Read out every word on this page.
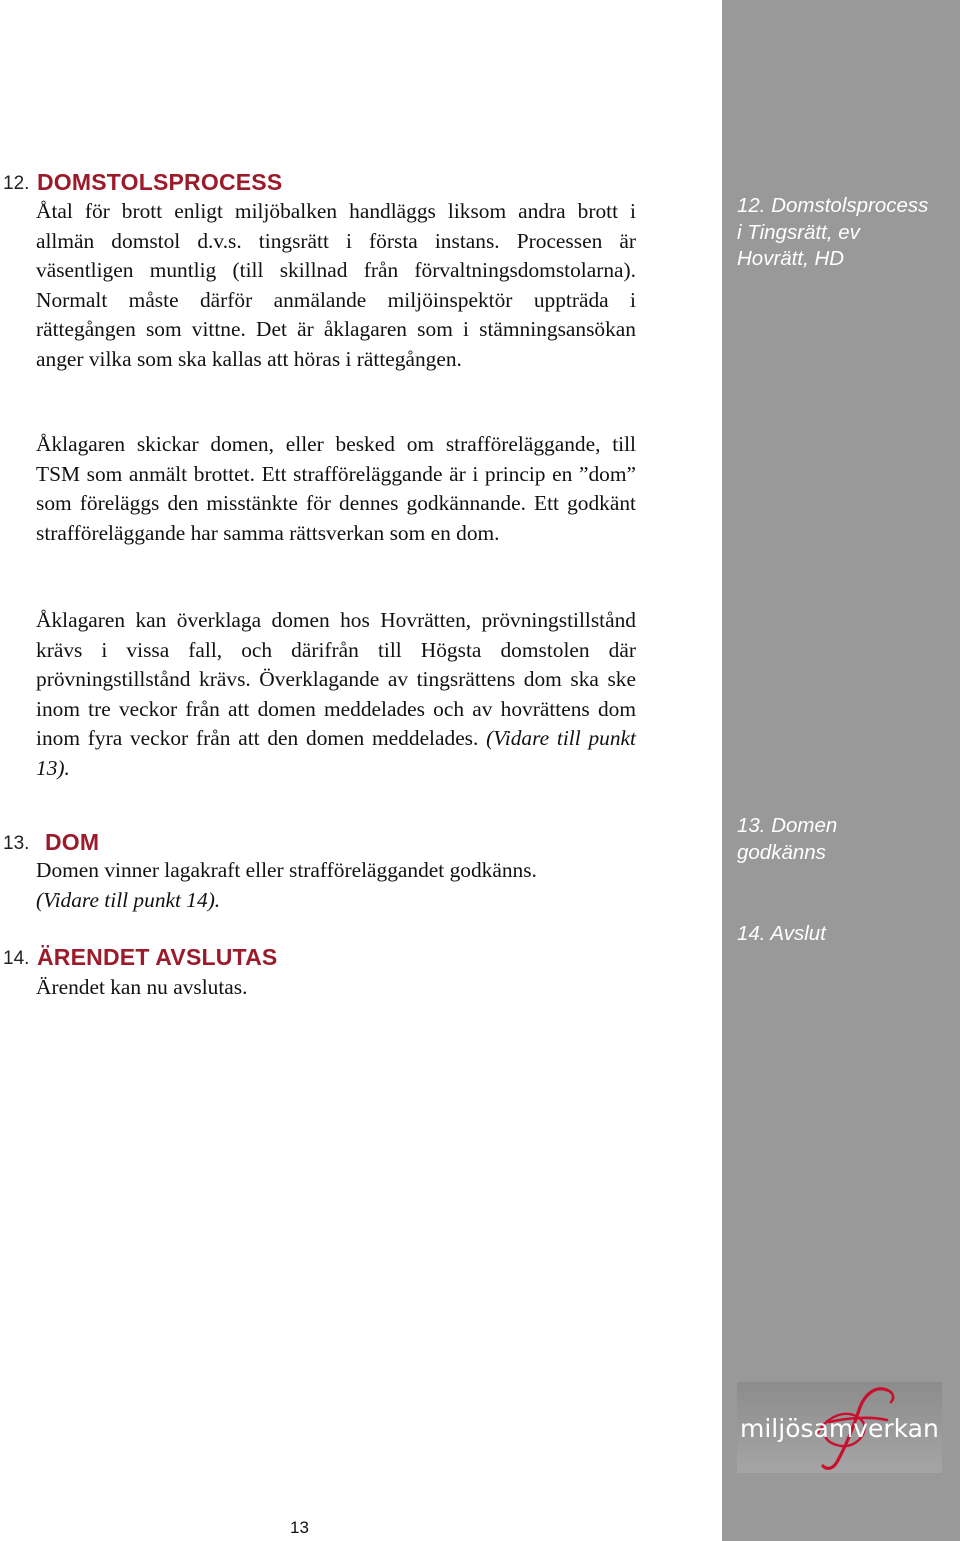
12. DOMSTOLSPROCESS

Åtal för brott enligt miljöbalken handläggs liksom andra brott i allmän domstol d.v.s. tingsrätt i första instans. Processen är väsentligen muntlig (till skillnad från förvaltningsdomstolarna). Normalt måste därför anmälande miljöinspektör uppträda i rättegången som vittne. Det är åklagaren som i stämningsansökan anger vilka som ska kallas att höras i rättegången.

Åklagaren skickar domen, eller besked om strafföreläggande, till TSM som anmält brottet. Ett strafföreläggande är i princip en ”dom” som föreläggs den misstänkte för dennes godkännande. Ett godkänt strafföreläggande har samma rättsverkan som en dom.

Åklagaren kan överklaga domen hos Hovrätten, prövningstillstånd krävs i vissa fall, och därifrån till Högsta domstolen där prövningstillstånd krävs. Överklagande av tingsrättens dom ska ske inom tre veckor från att domen meddelades och av hovrättens dom inom fyra veckor från att den domen meddelades. (Vidare till punkt 13).

13. DOM

Domen vinner lagakraft eller strafföreläggandet godkänns.
(Vidare till punkt 14).

14. ÄRENDET AVSLUTAS

Ärendet kan nu avslutas.

12. Domstolsprocess i Tingsrätt, ev Hovrätt, HD
13. Domen godkänns
14. Avslut
miljösamverkan
13
